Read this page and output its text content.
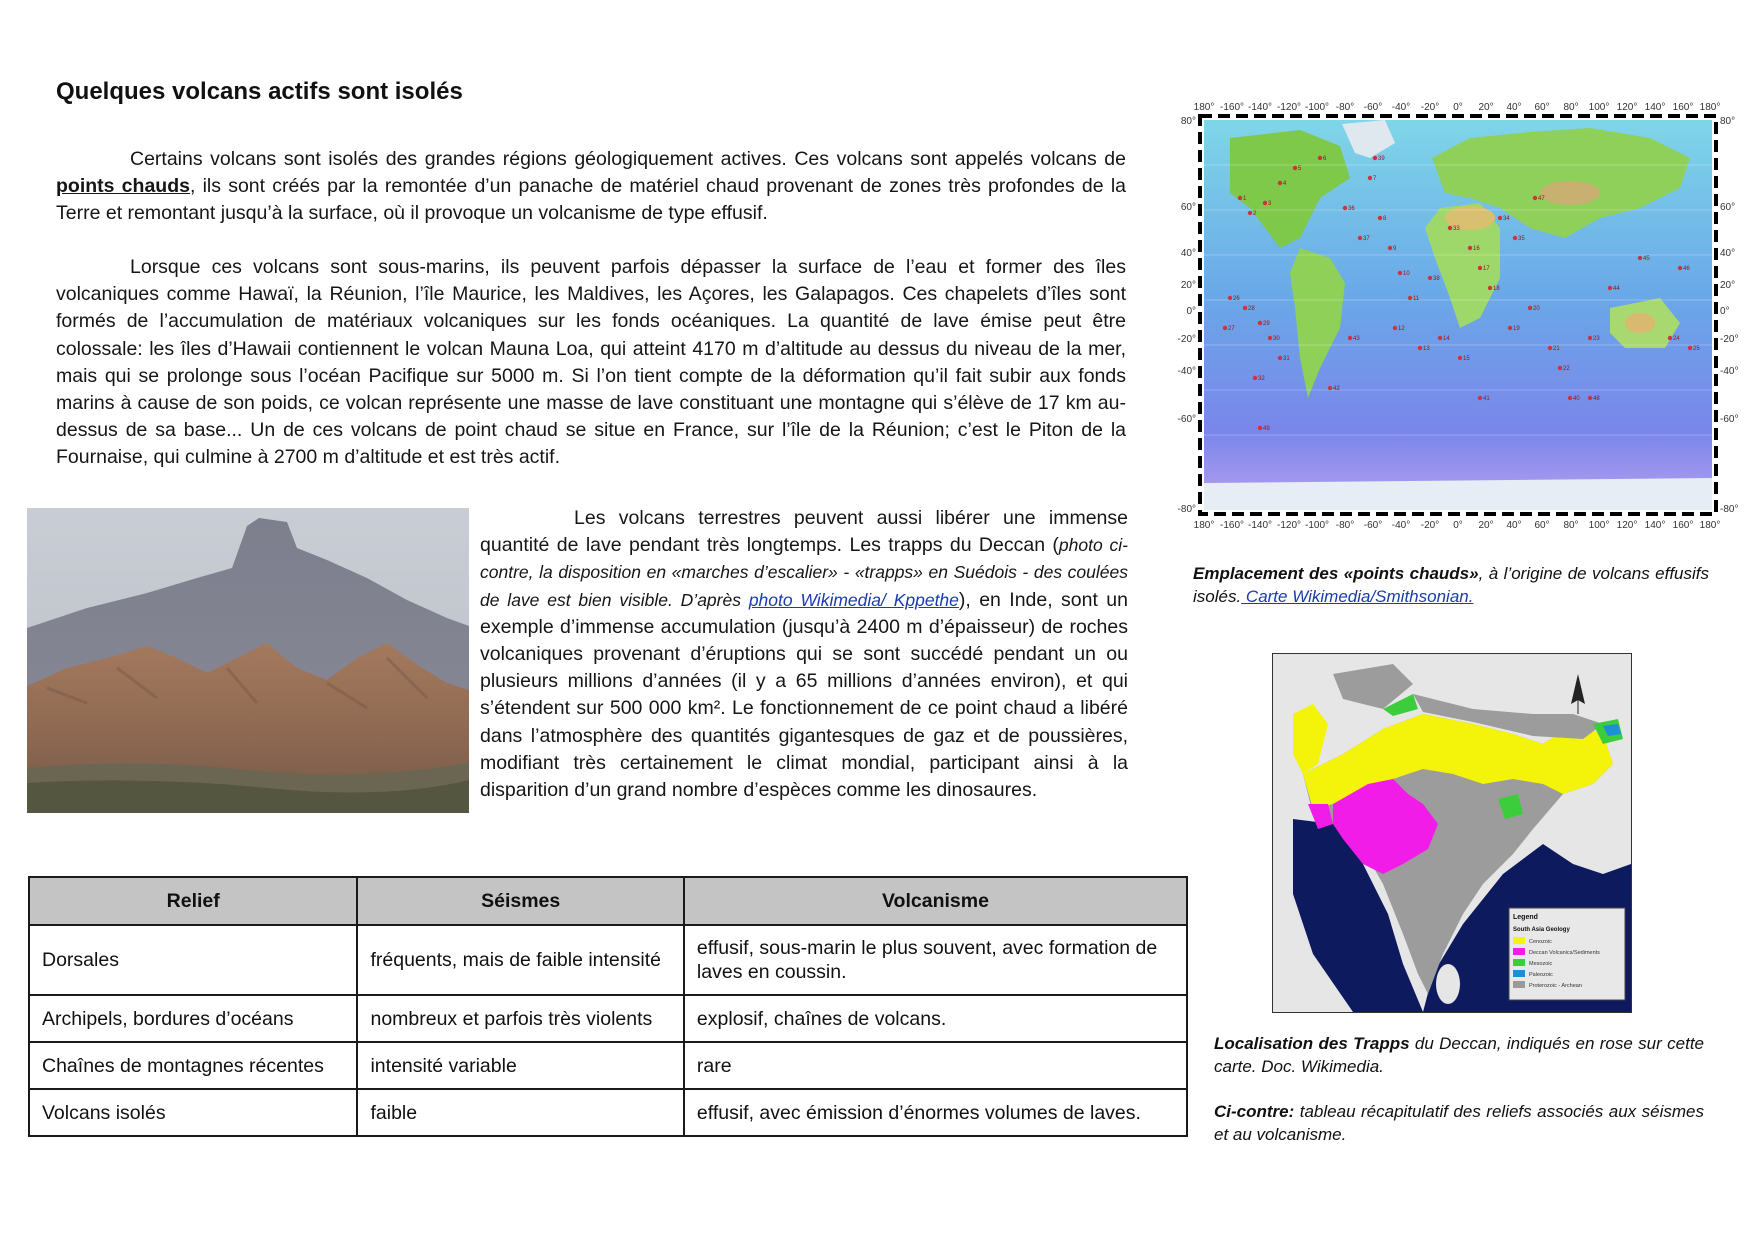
Quelques volcans actifs sont isolés

Certains volcans sont isolés des grandes régions géologiquement actives. Ces volcans sont appelés volcans de points chauds, ils sont créés par la remontée d’un panache de matériel chaud provenant de zones très profondes de la Terre et remontant jusqu’à la surface, où il provoque un volcanisme de type effusif.

Lorsque ces volcans sont sous-marins, ils peuvent parfois dépasser la surface de l’eau et former des îles volcaniques comme Hawaï, la Réunion, l’île Maurice, les Maldives, les Açores, les Galapagos. Ces chapelets d’îles sont formés de l’accumulation de matériaux volcaniques sur les fonds océaniques. La quantité de lave émise peut être colossale: les îles d’Hawaii contiennent le volcan Mauna Loa, qui atteint 4170 m d’altitude au dessus du niveau de la mer, mais qui se prolonge sous l’océan Pacifique sur 5000 m. Si l’on tient compte de la déformation qu’il fait subir aux fonds marins à cause de son poids, ce volcan représente une masse de lave constituant une montagne qui s’élève de 17 km au-dessus de sa base... Un de ces volcans de point chaud se situe en France, sur l’île de la Réunion; c’est le Piton de la Fournaise, qui culmine à 2700 m d’altitude et est très actif.

Les volcans terrestres peuvent aussi libérer une immense quantité de lave pendant très longtemps. Les trapps du Deccan (photo ci-contre, la disposition en «marches d’escalier» - «trapps» en Suédois - des coulées de lave est bien visible. D’après photo Wikimedia/ Kppethe), en Inde, sont un exemple d’immense accumulation (jusqu’à 2400 m d’épaisseur) de roches volcaniques provenant d’éruptions qui se sont succédé pendant un ou plusieurs millions d’années (il y a 65 millions d’années environ), et qui s’étendent sur 500 000 km². Le fonctionnement de ce point chaud a libéré dans l’atmosphère des quantités gigantesques de gaz et de poussières, modifiant très certainement le climat mondial, participant ainsi à la disparition d’un grand nombre d’espèces comme les dinosaures.

180° -160° -140° -120° -100° -80° -60° -40° -20° 0° 20° 40° 60° 80° 100° 120° 140° 160° 180°
180° -160° -140° -120° -100° -80° -60° -40° -20° 0° 20° 40° 60° 80° 100° 120° 140° 160° 180°
80°
60°
40°
20°
0°
-20°
-40°
-60°
-80°
80°
60°
40°
20°
0°
-20°
-40°
-60°
-80°
1
2
3
4
5
6
7
8
9
10
11
12
13
14
15
16
17
18
19
20
21
22
23	24
25
26
27
28
29
30
31
32
33
34
35
36
37
38
39
40
41
42
43
44
45
46
47
48
49

Emplacement des «points chauds», à l’origine de volcans effusifs isolés. Carte Wikimedia/Smithsonian.

Legend
South Asia Geology
Cenozoic
Deccan Volcanics/Sediments
Mesozoic
Paleozoic
Proterozoic - Archean

Localisation des Trapps du Deccan, indiqués en rose sur cette carte. Doc. Wikimedia.

Ci-contre: tableau récapitulatif des reliefs associés aux séismes et au volcanisme.

Relief	Séismes	Volcanisme
Dorsales	fréquents, mais de faible intensité	effusif, sous-marin le plus souvent, avec formation de laves en coussin.
Archipels, bordures d’océans	nombreux et parfois très violents	explosif, chaînes de volcans.
Chaînes de montagnes récentes	intensité variable	rare
Volcans isolés	faible	effusif, avec émission d’énormes volumes de laves.
